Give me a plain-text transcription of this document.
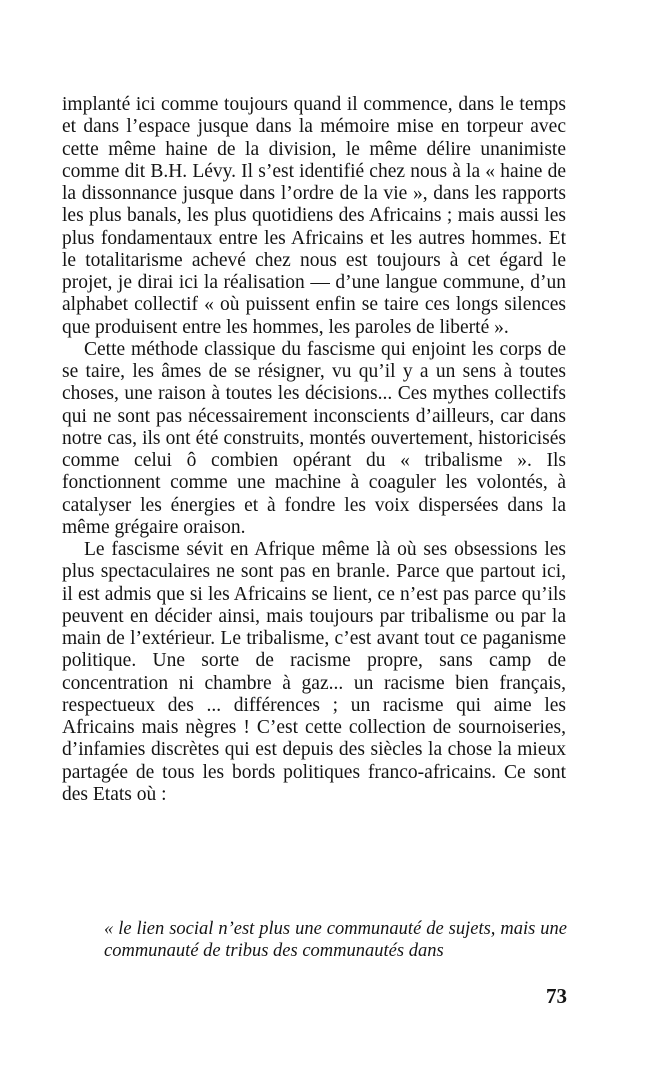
implanté ici comme toujours quand il commence, dans le temps et dans l’espace jusque dans la mémoire mise en torpeur avec cette même haine de la division, le même délire unanimiste comme dit B.H. Lévy. Il s’est identifié chez nous à la « haine de la dissonnance jusque dans l’ordre de la vie », dans les rapports les plus banals, les plus quotidiens des Africains ; mais aussi les plus fondamentaux entre les Africains et les autres hommes. Et le totalitarisme achevé chez nous est toujours à cet égard le projet, je dirai ici la réalisation — d’une langue commune, d’un alphabet collectif « où puissent enfin se taire ces longs silences que produisent entre les hommes, les paroles de liberté ».

Cette méthode classique du fascisme qui enjoint les corps de se taire, les âmes de se résigner, vu qu’il y a un sens à toutes choses, une raison à toutes les décisions... Ces mythes collectifs qui ne sont pas nécessairement inconscients d’ailleurs, car dans notre cas, ils ont été construits, montés ouvertement, historicisés comme celui ô combien opérant du « tribalisme ». Ils fonctionnent comme une machine à coaguler les volontés, à catalyser les énergies et à fondre les voix dispersées dans la même grégaire oraison.

Le fascisme sévit en Afrique même là où ses obsessions les plus spectaculaires ne sont pas en branle. Parce que partout ici, il est admis que si les Africains se lient, ce n’est pas parce qu’ils peuvent en décider ainsi, mais toujours par tribalisme ou par la main de l’extérieur. Le tribalisme, c’est avant tout ce paganisme politique. Une sorte de racisme propre, sans camp de concentration ni chambre à gaz... un racisme bien français, respectueux des ... différences ; un racisme qui aime les Africains mais nègres ! C’est cette collection de sournoiseries, d’infamies discrètes qui est depuis des siècles la chose la mieux partagée de tous les bords politiques franco-africains. Ce sont des Etats où :

« le lien social n’est plus une communauté de sujets, mais une communauté de tribus des communautés dans
73
